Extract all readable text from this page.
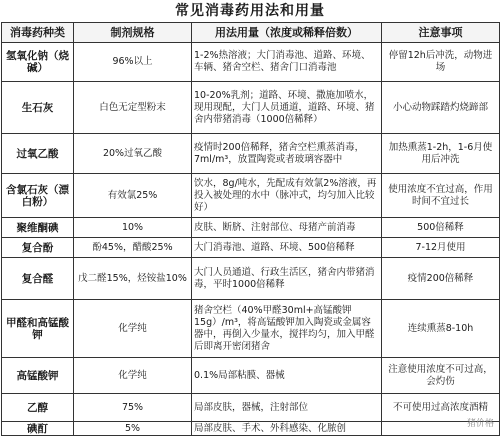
常见消毒药用法和用量
消毒药种类	制剂规格	用法用量（浓度或稀释倍数）	注意事项
氢氧化钠（烧碱）	96%以上	1-2%热溶液；大门消毒池、道路、环境、车辆、猪舍空栏、猪舍门口消毒池	停留12h后冲洗，动物进场
生石灰	白色无定型粉末	10-20%乳剂；道路、环境、撒施加喷水，现用现配，大门人员通道，道路、环境、猪舍内带猪消毒（1000倍稀释）	小心动物踩踏灼烧蹄部
过氧乙酸	20%过氧乙酸	疫情时200倍稀释，猪舍空栏熏蒸消毒，7ml/m³，放置陶瓷或者玻璃容器中	加热熏蒸1-2h，1-6月使用后冲洗
含氯石灰（漂白粉）	有效氯25%	饮水，8g/吨水，先配成有效氯2%溶液，再投入被处理的水中（脉冲式，均匀加入比较好）	使用浓度不宜过高，作用时间不宜过长
聚维酮碘	10%	皮肤、断脐、注射部位、母猪产前消毒	500倍稀释
复合酚	酚45%，醋酸25%	大门消毒池、道路、环境、500倍稀释	7-12月使用
复合醛	戊二醛15%，烃铵盐10%	大门人员通道、行政生活区，猪舍内带猪消毒，平时1000倍稀释	疫情200倍稀释
甲醛和高锰酸钾	化学纯	猪舍空栏（40%甲醛30ml+高锰酸钾15g）/m³，将高锰酸钾加入陶瓷或金属容器中，再倒入少量水，搅拌均匀，加入甲醛后即离开密闭猪舍	连续熏蒸8-10h
高锰酸钾	化学纯	0.1%局部粘膜、器械	注意使用浓度不可过高，会灼伤
乙醇	75%	局部皮肤，器械，注射部位	不可使用过高浓度酒精
碘酊	5%	局部皮肤、手术、外科感染、化脓创		猪价格
